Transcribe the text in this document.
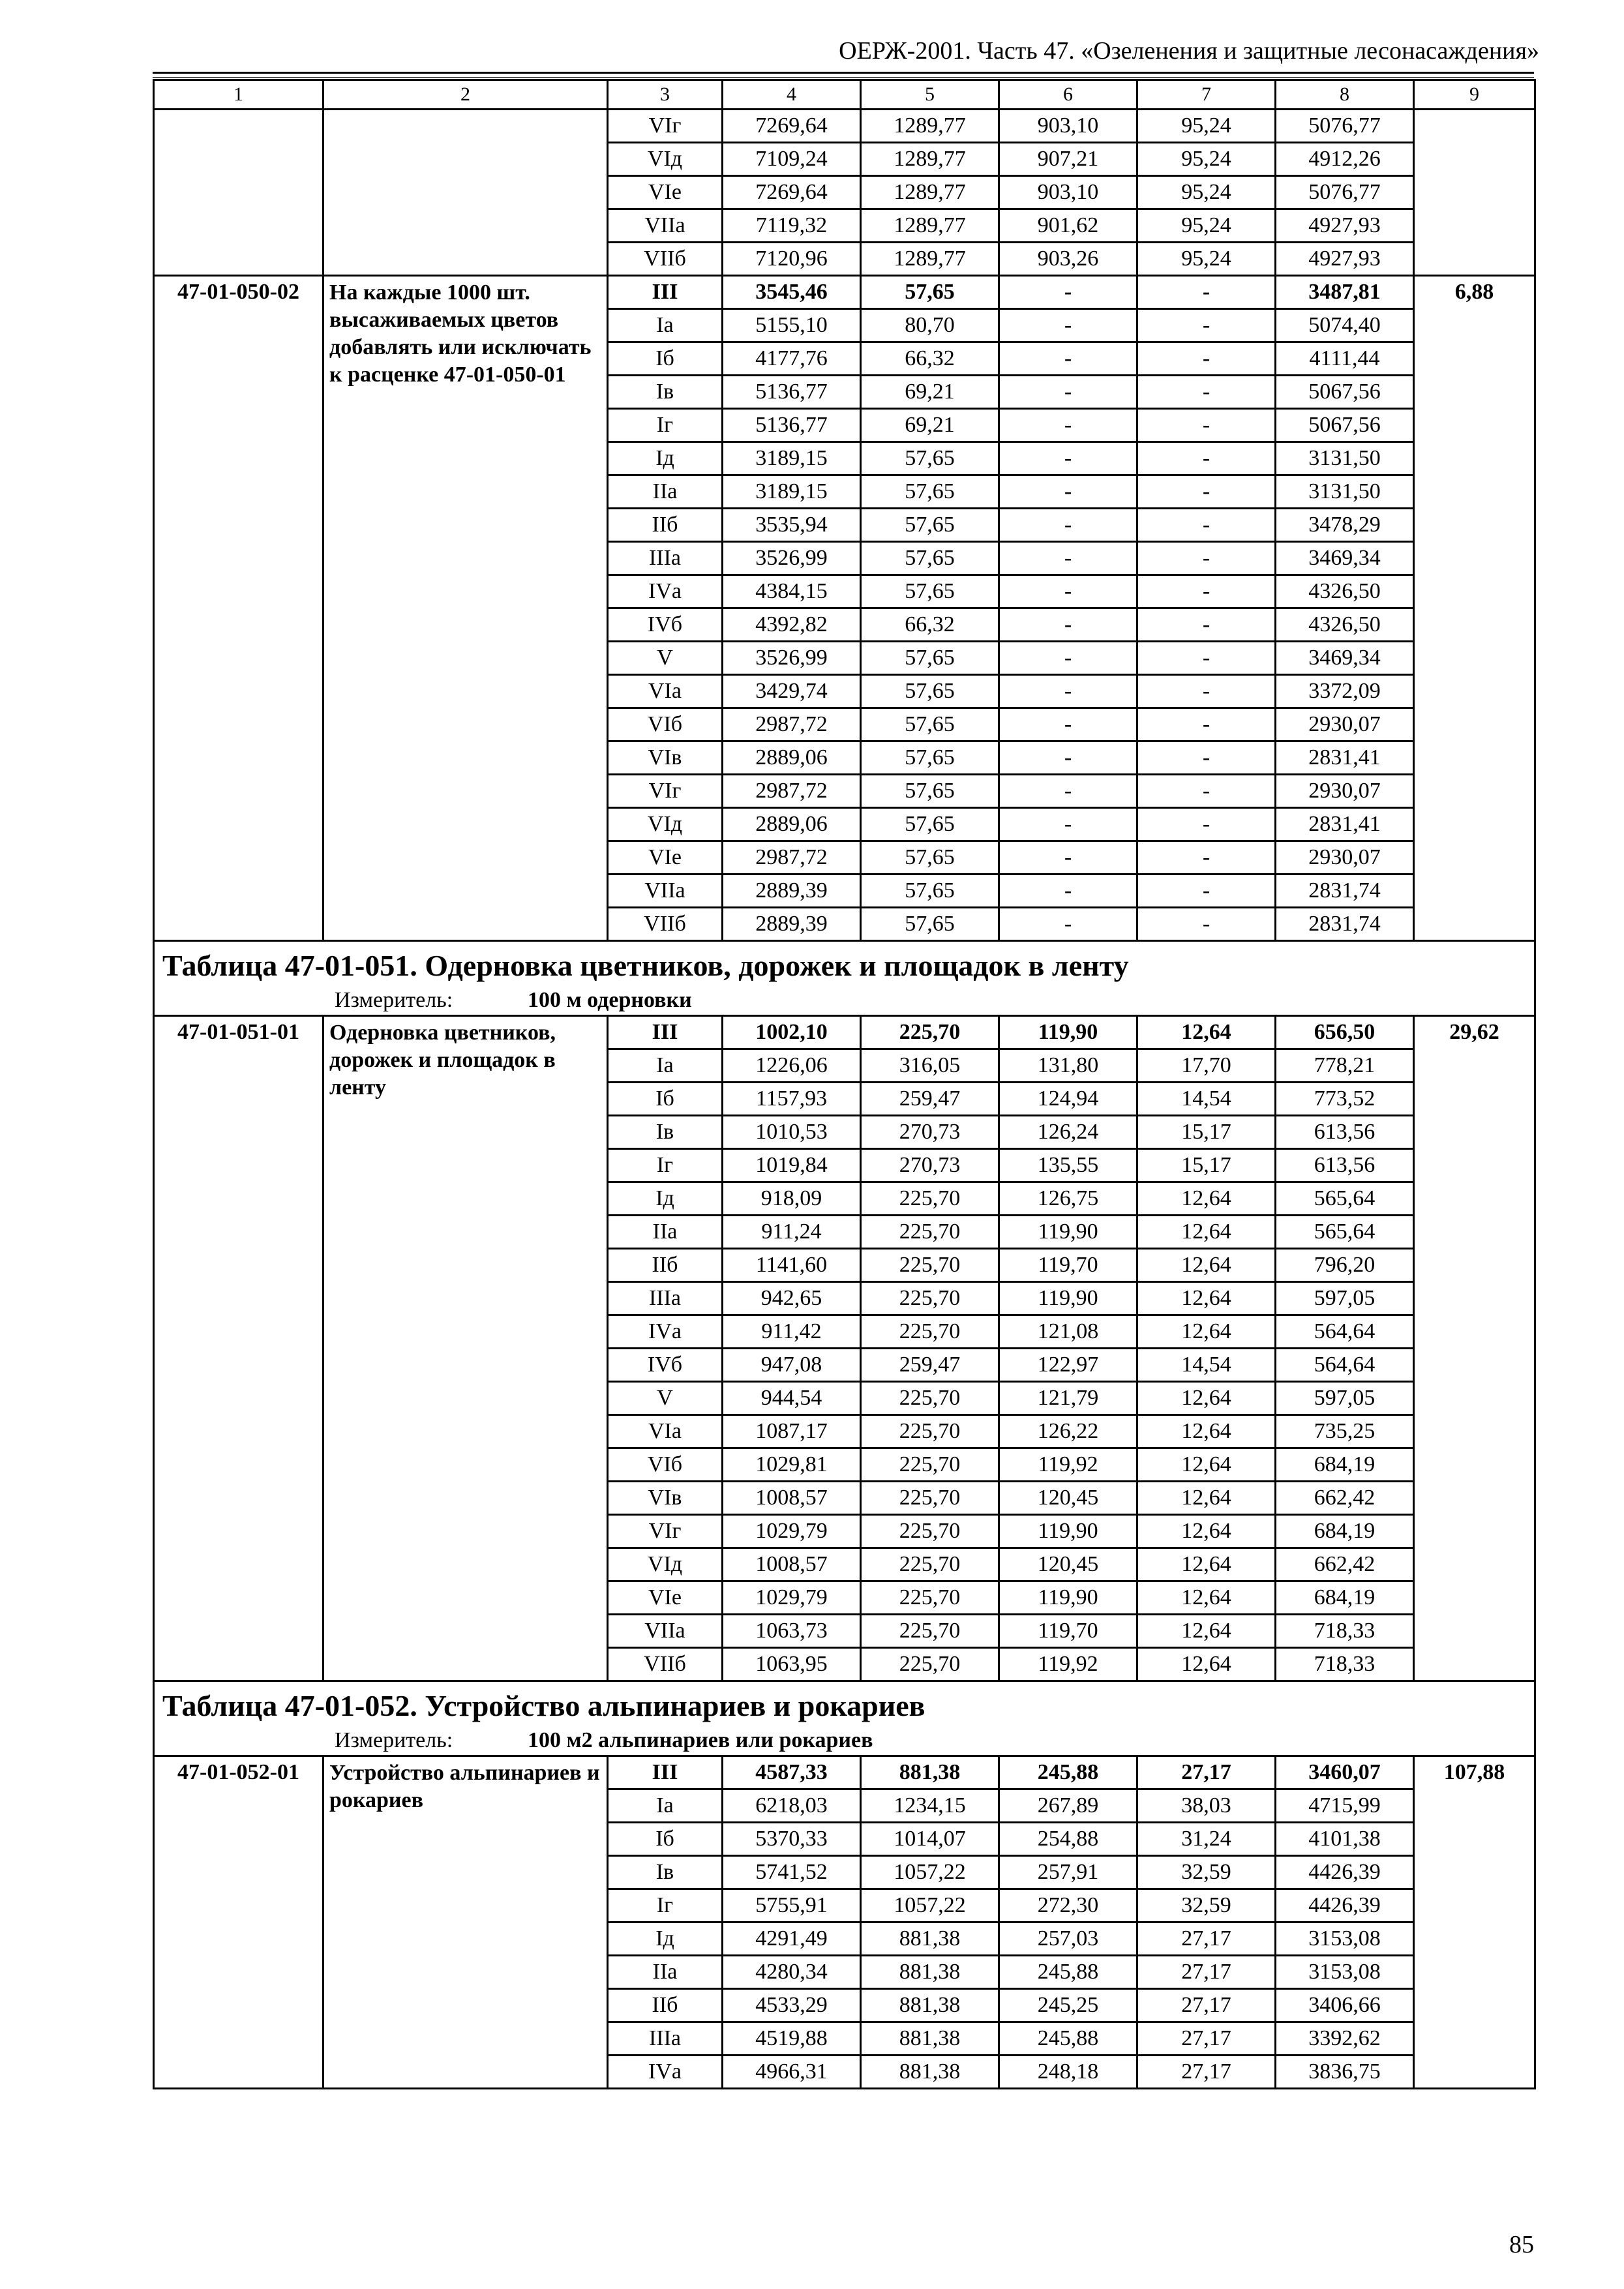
ОЕРЖ-2001. Часть 47. «Озеленения и защитные лесонасаждения»
1	2	3	4	5	6	7	8	9
		VIг	7269,64	1289,77	903,10	95,24	5076,77	
		VIд	7109,24	1289,77	907,21	95,24	4912,26	
		VIе	7269,64	1289,77	903,10	95,24	5076,77	
		VIIа	7119,32	1289,77	901,62	95,24	4927,93	
		VIIб	7120,96	1289,77	903,26	95,24	4927,93	
47-01-050-02	На каждые 1000 шт. высаживаемых цветов добавлять или исключать к расценке 47-01-050-01	III	3545,46	57,65	-	-	3487,81	6,88
		Iа	5155,10	80,70	-	-	5074,40	
		Iб	4177,76	66,32	-	-	4111,44	
		Iв	5136,77	69,21	-	-	5067,56	
		Iг	5136,77	69,21	-	-	5067,56	
		Iд	3189,15	57,65	-	-	3131,50	
		IIа	3189,15	57,65	-	-	3131,50	
		IIб	3535,94	57,65	-	-	3478,29	
		IIIа	3526,99	57,65	-	-	3469,34	
		IVа	4384,15	57,65	-	-	4326,50	
		IVб	4392,82	66,32	-	-	4326,50	
		V	3526,99	57,65	-	-	3469,34	
		VIа	3429,74	57,65	-	-	3372,09	
		VIб	2987,72	57,65	-	-	2930,07	
		VIв	2889,06	57,65	-	-	2831,41	
		VIг	2987,72	57,65	-	-	2930,07	
		VIд	2889,06	57,65	-	-	2831,41	
		VIе	2987,72	57,65	-	-	2930,07	
		VIIа	2889,39	57,65	-	-	2831,74	
		VIIб	2889,39	57,65	-	-	2831,74	

Таблица 47-01-051. Одерновка цветников, дорожек и площадок в ленту
Измеритель: 100 м одерновки								

47-01-051-01	Одерновка цветников, дорожек и площадок в ленту	III	1002,10	225,70	119,90	12,64	656,50	29,62
		Iа	1226,06	316,05	131,80	17,70	778,21	
		Iб	1157,93	259,47	124,94	14,54	773,52	
		Iв	1010,53	270,73	126,24	15,17	613,56	
		Iг	1019,84	270,73	135,55	15,17	613,56	
		Iд	918,09	225,70	126,75	12,64	565,64	
		IIа	911,24	225,70	119,90	12,64	565,64	
		IIб	1141,60	225,70	119,70	12,64	796,20	
		IIIа	942,65	225,70	119,90	12,64	597,05	
		IVа	911,42	225,70	121,08	12,64	564,64	
		IVб	947,08	259,47	122,97	14,54	564,64	
		V	944,54	225,70	121,79	12,64	597,05	
		VIа	1087,17	225,70	126,22	12,64	735,25	
		VIб	1029,81	225,70	119,92	12,64	684,19	
		VIв	1008,57	225,70	120,45	12,64	662,42	
		VIг	1029,79	225,70	119,90	12,64	684,19	
		VIд	1008,57	225,70	120,45	12,64	662,42	
		VIе	1029,79	225,70	119,90	12,64	684,19	
		VIIа	1063,73	225,70	119,70	12,64	718,33	
		VIIб	1063,95	225,70	119,92	12,64	718,33	

Таблица 47-01-052. Устройство альпинариев и рокариев
Измеритель: 100 м2 альпинариев или рокариев								

47-01-052-01	Устройство альпинариев и рокариев	III	4587,33	881,38	245,88	27,17	3460,07	107,88
		Iа	6218,03	1234,15	267,89	38,03	4715,99	
		Iб	5370,33	1014,07	254,88	31,24	4101,38	
		Iв	5741,52	1057,22	257,91	32,59	4426,39	
		Iг	5755,91	1057,22	272,30	32,59	4426,39	
		Iд	4291,49	881,38	257,03	27,17	3153,08	
		IIа	4280,34	881,38	245,88	27,17	3153,08	
		IIб	4533,29	881,38	245,25	27,17	3406,66	
		IIIа	4519,88	881,38	245,88	27,17	3392,62	
		IVа	4966,31	881,38	248,18	27,17	3836,75	
85
